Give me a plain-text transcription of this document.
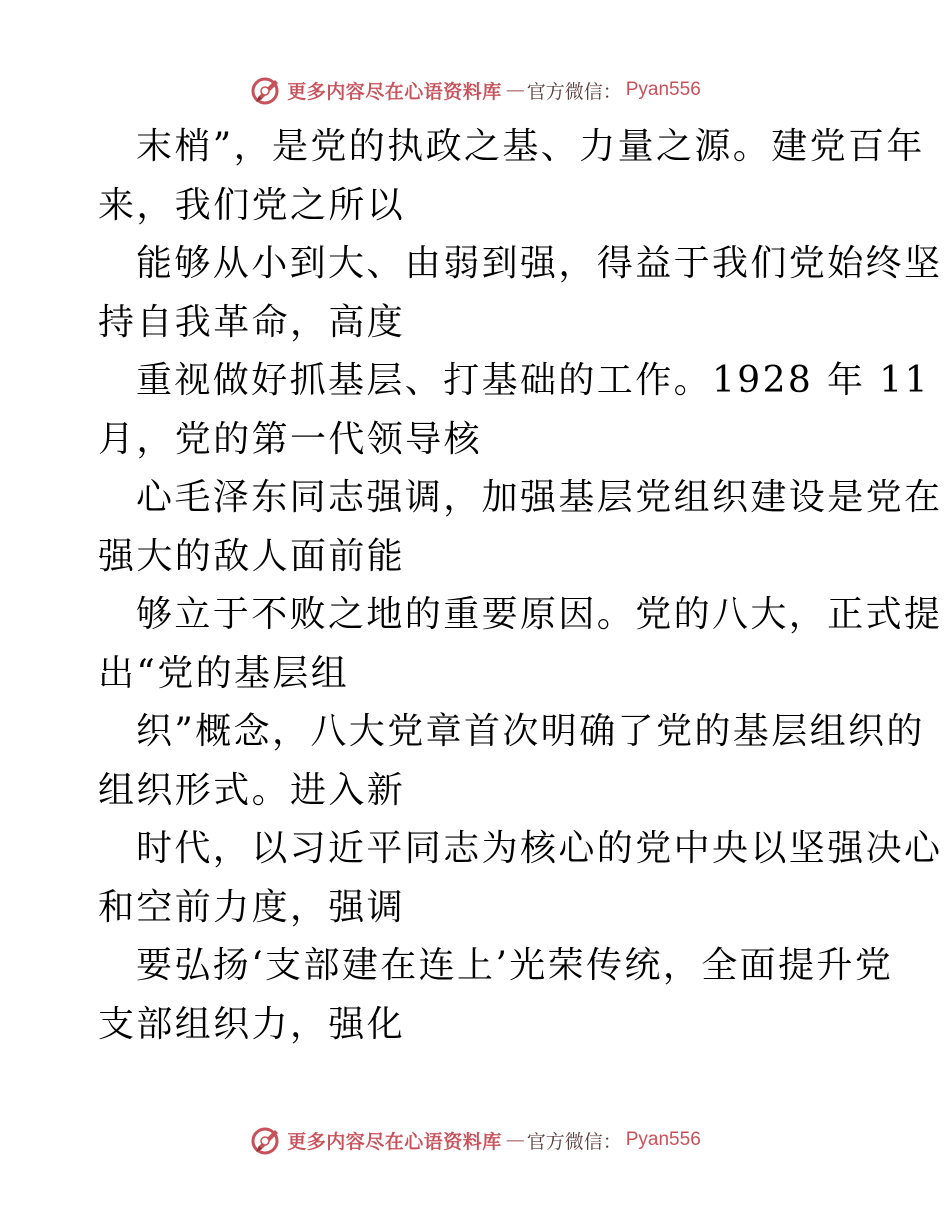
更多内容尽在心语资料库 — 官方微信： Pyan556
末梢”，是党的执政之基、力量之源。建党百年
来，我们党之所以
能够从小到大、由弱到强，得益于我们党始终坚
持自我革命，高度
重视做好抓基层、打基础的工作。1928 年 11
月，党的第一代领导核
心毛泽东同志强调，加强基层党组织建设是党在
强大的敌人面前能
够立于不败之地的重要原因。党的八大，正式提
出“党的基层组
织”概念，八大党章首次明确了党的基层组织的
组织形式。进入新
时代，以习近平同志为核心的党中央以坚强决心
和空前力度，强调
要弘扬‘支部建在连上’光荣传统，全面提升党
支部组织力，强化
更多内容尽在心语资料库 — 官方微信： Pyan556
